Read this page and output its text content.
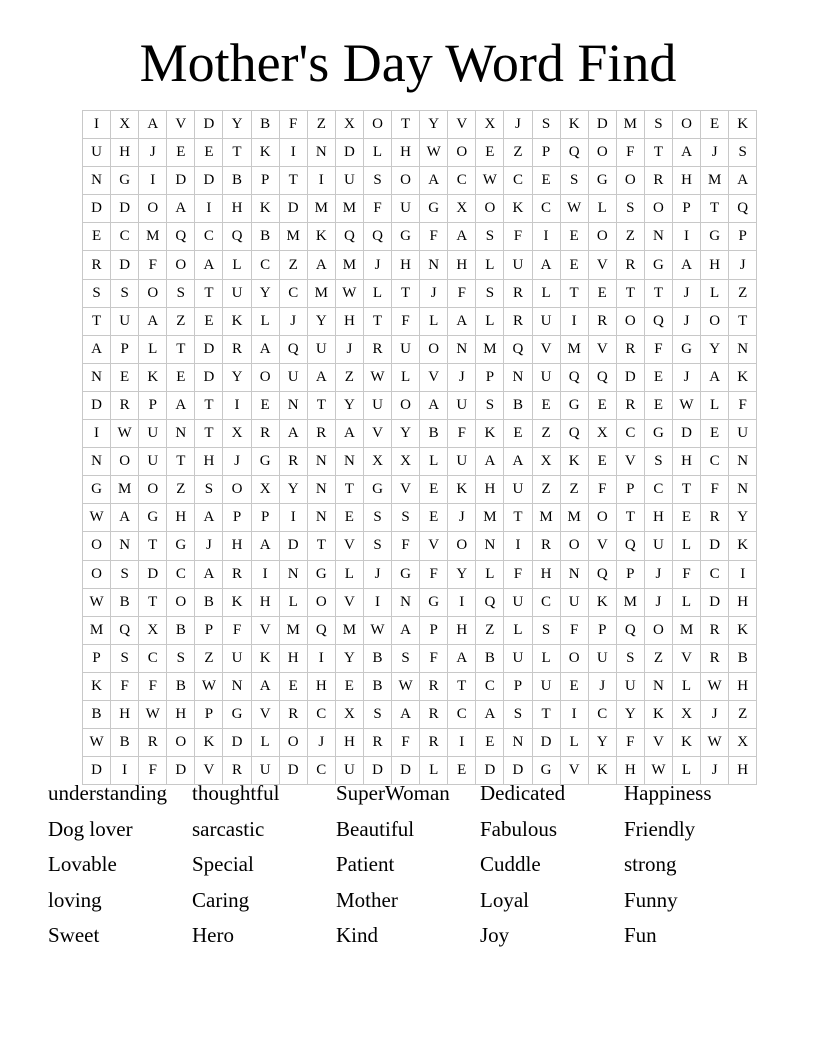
Mother's Day Word Find
I	X	A	V	D	Y	B	F	Z	X	O	T	Y	V	X	J	S	K	D	M	S	O	E	K
U	H	J	E	E	T	K	I	N	D	L	H	W	O	E	Z	P	Q	O	F	T	A	J	S
N	G	I	D	D	B	P	T	I	U	S	O	A	C	W	C	E	S	G	O	R	H	M	A
D	D	O	A	I	H	K	D	M	M	F	U	G	X	O	K	C	W	L	S	O	P	T	Q
E	C	M	Q	C	Q	B	M	K	Q	Q	G	F	A	S	F	I	E	O	Z	N	I	G	P
R	D	F	O	A	L	C	Z	A	M	J	H	N	H	L	U	A	E	V	R	G	A	H	J
S	S	O	S	T	U	Y	C	M	W	L	T	J	F	S	R	L	T	E	T	T	J	L	Z
T	U	A	Z	E	K	L	J	Y	H	T	F	L	A	L	R	U	I	R	O	Q	J	O	T
A	P	L	T	D	R	A	Q	U	J	R	U	O	N	M	Q	V	M	V	R	F	G	Y	N
N	E	K	E	D	Y	O	U	A	Z	W	L	V	J	P	N	U	Q	Q	D	E	J	A	K
D	R	P	A	T	I	E	N	T	Y	U	O	A	U	S	B	E	G	E	R	E	W	L	F
I	W	U	N	T	X	R	A	R	A	V	Y	B	F	K	E	Z	Q	X	C	G	D	E	U
N	O	U	T	H	J	G	R	N	N	X	X	L	U	A	A	X	K	E	V	S	H	C	N
G	M	O	Z	S	O	X	Y	N	T	G	V	E	K	H	U	Z	Z	F	P	C	T	F	N
W	A	G	H	A	P	P	I	N	E	S	S	E	J	M	T	M	M	O	T	H	E	R	Y
O	N	T	G	J	H	A	D	T	V	S	F	V	O	N	I	R	O	V	Q	U	L	D	K
O	S	D	C	A	R	I	N	G	L	J	G	F	Y	L	F	H	N	Q	P	J	F	C	I
W	B	T	O	B	K	H	L	O	V	I	N	G	I	Q	U	C	U	K	M	J	L	D	H
M	Q	X	B	P	F	V	M	Q	M	W	A	P	H	Z	L	S	F	P	Q	O	M	R	K
P	S	C	S	Z	U	K	H	I	Y	B	S	F	A	B	U	L	O	U	S	Z	V	R	B
K	F	F	B	W	N	A	E	H	E	B	W	R	T	C	P	U	E	J	U	N	L	W	H
B	H	W	H	P	G	V	R	C	X	S	A	R	C	A	S	T	I	C	Y	K	X	J	Z
W	B	R	O	K	D	L	O	J	H	R	F	R	I	E	N	D	L	Y	F	V	K	W	X
D	I	F	D	V	R	U	D	C	U	D	D	L	E	D	D	G	V	K	H	W	L	J	H
understanding	thoughtful	SuperWoman	Dedicated	Happiness
Dog lover	sarcastic	Beautiful	Fabulous	Friendly
Lovable	Special	Patient	Cuddle	strong
loving	Caring	Mother	Loyal	Funny
Sweet	Hero	Kind	Joy	Fun
